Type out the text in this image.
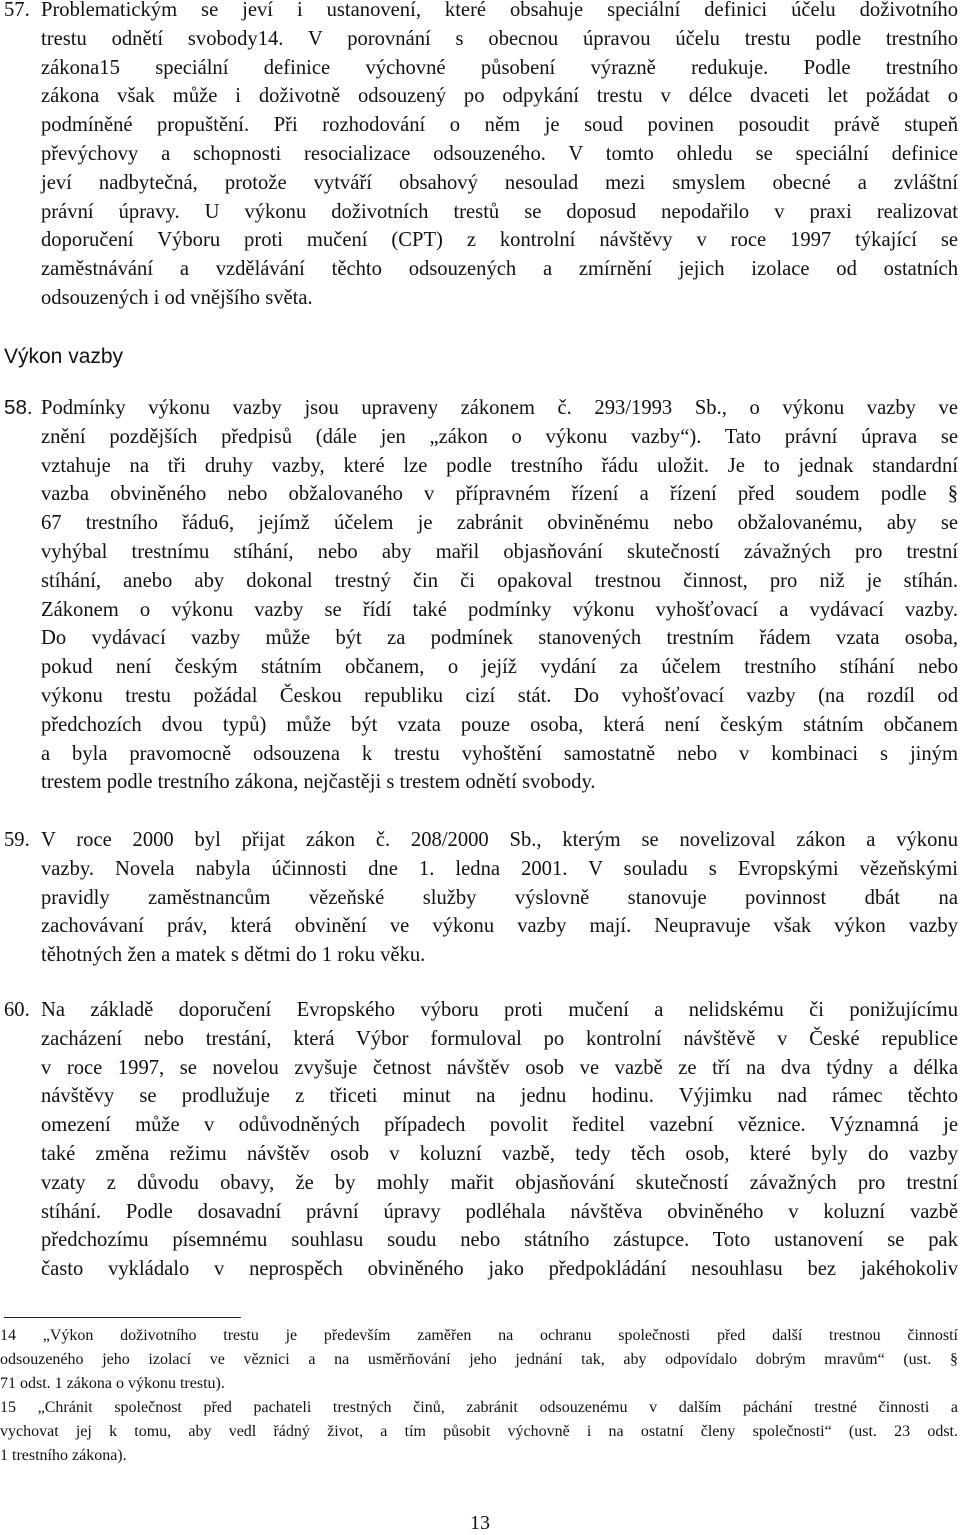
57. Problematickým se jeví i ustanovení, které obsahuje speciální definici účelu doživotního
trestu odnětí svobody14. V porovnání s obecnou úpravou účelu trestu podle trestního
zákona15 speciální definice výchovné působení výrazně redukuje. Podle trestního
zákona však může i doživotně odsouzený po odpykání trestu v délce dvaceti let požádat o
podmíněné propuštění. Při rozhodování o něm je soud povinen posoudit právě stupeň
převýchovy a schopnosti resocializace odsouzeného. V tomto ohledu se speciální definice
jeví nadbytečná, protože vytváří obsahový nesoulad mezi smyslem obecné a zvláštní
právní úpravy. U výkonu doživotních trestů se doposud nepodařilo v praxi realizovat
doporučení Výboru proti mučení (CPT) z kontrolní návštěvy v roce 1997 týkající se
zaměstnávání a vzdělávání těchto odsouzených a zmírnění jejich izolace od ostatních
odsouzených i od vnějšího světa.
Výkon vazby
58. Podmínky výkonu vazby jsou upraveny zákonem č. 293/1993 Sb., o výkonu vazby ve
znění pozdějších předpisů (dále jen „zákon o výkonu vazby“). Tato právní úprava se
vztahuje na tři druhy vazby, které lze podle trestního řádu uložit. Je to jednak standardní
vazba obviněného nebo obžalovaného v přípravném řízení a řízení před soudem podle §
67 trestního řádu6, jejímž účelem je zabránit obviněnému nebo obžalovanému, aby se
vyhýbal trestnímu stíhání, nebo aby mařil objasňování skutečností závažných pro trestní
stíhání, anebo aby dokonal trestný čin či opakoval trestnou činnost, pro niž je stíhán.
Zákonem o výkonu vazby se řídí také podmínky výkonu vyhošťovací a vydávací vazby.
Do vydávací vazby může být za podmínek stanovených trestním řádem vzata osoba,
pokud není českým státním občanem, o jejíž vydání za účelem trestního stíhání nebo
výkonu trestu požádal Českou republiku cizí stát. Do vyhošťovací vazby (na rozdíl od
předchozích dvou typů) může být vzata pouze osoba, která není českým státním občanem
a byla pravomocně odsouzena k trestu vyhoštění samostatně nebo v kombinaci s jiným
trestem podle trestního zákona, nejčastěji s trestem odnětí svobody.
59. V roce 2000 byl přijat zákon č. 208/2000 Sb., kterým se novelizoval zákon a výkonu
vazby. Novela nabyla účinnosti dne 1. ledna 2001. V souladu s Evropskými vězeňskými
pravidly zaměstnancům vězeňské služby výslovně stanovuje povinnost dbát na
zachovávaní práv, která obvinění ve výkonu vazby mají. Neupravuje však výkon vazby
těhotných žen a matek s dětmi do 1 roku věku.
60. Na základě doporučení Evropského výboru proti mučení a nelidskému či ponižujícímu
zacházení nebo trestání, která Výbor formuloval po kontrolní návštěvě v České republice
v roce 1997, se novelou zvyšuje četnost návštěv osob ve vazbě ze tří na dva týdny a délka
návštěvy se prodlužuje z třiceti minut na jednu hodinu. Výjimku nad rámec těchto
omezení může v odůvodněných případech povolit ředitel vazební věznice. Významná je
také změna režimu návštěv osob v koluzní vazbě, tedy těch osob, které byly do vazby
vzaty z důvodu obavy, že by mohly mařit objasňování skutečností závažných pro trestní
stíhání. Podle dosavadní právní úpravy podléhala návštěva obviněného v koluzní vazbě
předchozímu písemnému souhlasu soudu nebo státního zástupce. Toto ustanovení se pak
často vykládalo v neprospěch obviněného jako předpokládání nesouhlasu bez jakéhokoliv
14 „Výkon doživotního trestu je především zaměřen na ochranu společnosti před další trestnou činností
odsouzeného jeho izolací ve věznici a na usměrňování jeho jednání tak, aby odpovídalo dobrým mravům“ (ust. §
71 odst. 1 zákona o výkonu trestu).
15 „Chránit společnost před pachateli trestných činů, zabránit odsouzenému v dalším páchání trestné činnosti a
vychovat jej k tomu, aby vedl řádný život, a tím působit výchovně i na ostatní členy společnosti“ (ust. 23 odst.
1 trestního zákona).
13
